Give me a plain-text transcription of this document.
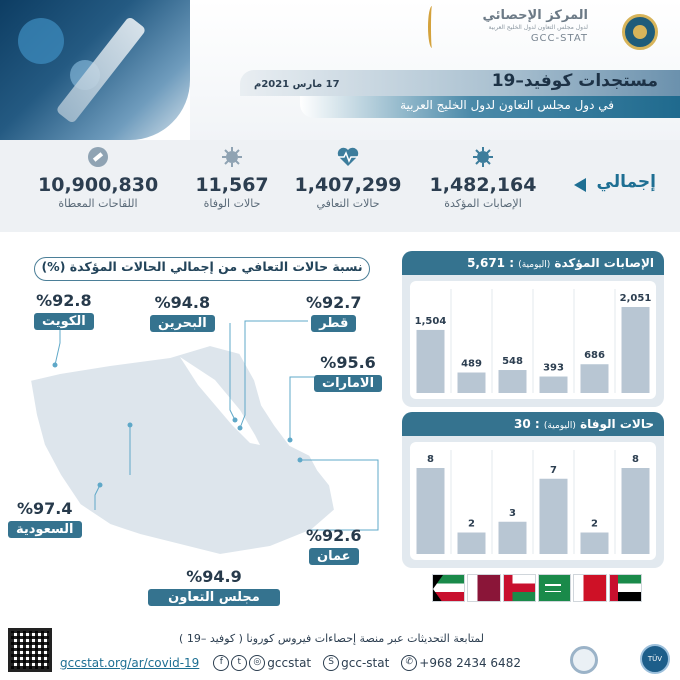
المركز الإحصائي
لدول مجلس التعاون لدول الخليج العربية
GCC-STAT
مستجدات كوفيد–19
17 مارس 2021م
في دول مجلس التعاون لدول الخليج العربية
إجمالي
1,482,164
الإصابات المؤكدة
1,407,299
حالات التعافي
11,567
حالات الوفاة
10,900,830
اللقاحات المعطاة
نسبة حالات التعافي من إجمالي الحالات المؤكدة (%)
%92.8
الكويت
%94.8
البحرين
%92.7
قطر
%95.6
الامارات
%97.4
السعودية	%92.6
عمان
%94.9
مجلس التعاون
الإصابات المؤكدة (اليومية) : 5,671
1,504
489 548
393
686
2,051
حالات الوفاة (اليومية) : 30
8
2
3
7
2
8
لمتابعة التحديثات عبر منصة إحصاءات فيروس كورونا ( كوفيد –19 )
gccstat.org/ar/covid-19	f	t	◎ gccstat	S gcc-stat	✆ +968 2434 6482	TÜV
